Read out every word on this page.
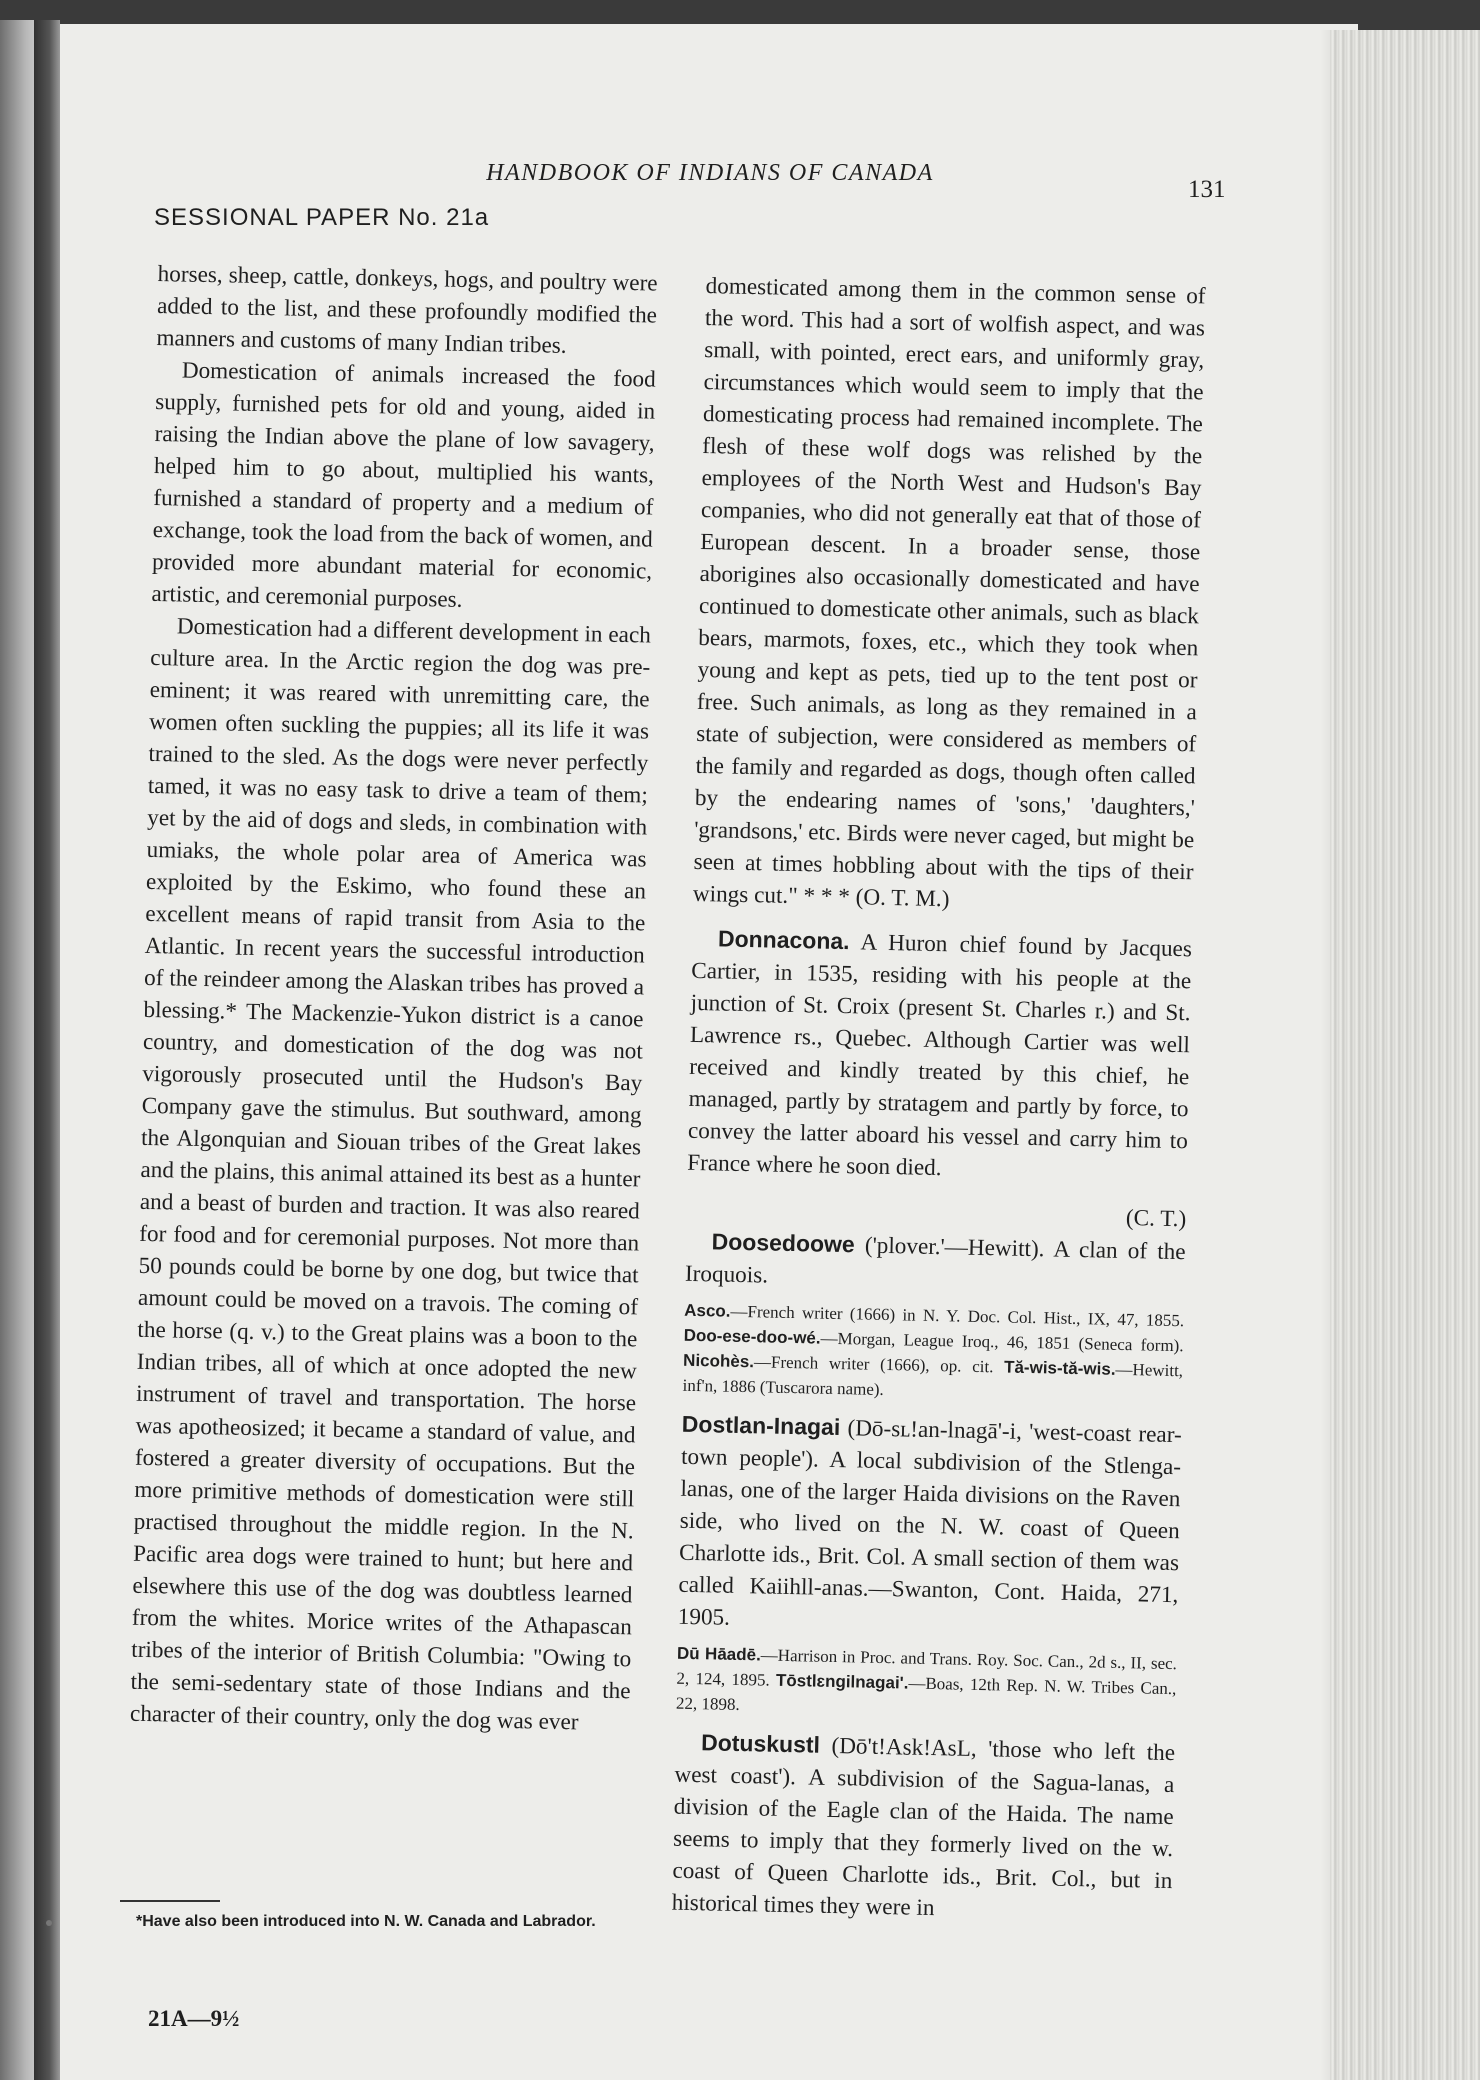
HANDBOOK OF INDIANS OF CANADA
131
SESSIONAL PAPER No. 21a

horses, sheep, cattle, donkeys, hogs, and poultry were added to the list, and these profoundly modified the manners and customs of many Indian tribes.

Domestication of animals increased the food supply, furnished pets for old and young, aided in raising the Indian above the plane of low savagery, helped him to go about, multiplied his wants, furnished a standard of property and a medium of exchange, took the load from the back of women, and provided more abundant material for economic, artistic, and ceremonial purposes.

Domestication had a different development in each culture area. In the Arctic region the dog was pre-eminent; it was reared with unremitting care, the women often suckling the puppies; all its life it was trained to the sled. As the dogs were never perfectly tamed, it was no easy task to drive a team of them; yet by the aid of dogs and sleds, in combination with umiaks, the whole polar area of America was exploited by the Eskimo, who found these an excellent means of rapid transit from Asia to the Atlantic. In recent years the successful introduction of the reindeer among the Alaskan tribes has proved a blessing.* The Mackenzie-Yukon district is a canoe country, and domestication of the dog was not vigorously prosecuted until the Hudson's Bay Company gave the stimulus. But southward, among the Algonquian and Siouan tribes of the Great lakes and the plains, this animal attained its best as a hunter and a beast of burden and traction. It was also reared for food and for ceremonial purposes. Not more than 50 pounds could be borne by one dog, but twice that amount could be moved on a travois. The coming of the horse (q. v.) to the Great plains was a boon to the Indian tribes, all of which at once adopted the new instrument of travel and transportation. The horse was apotheosized; it became a standard of value, and fostered a greater diversity of occupations. But the more primitive methods of domestication were still practised throughout the middle region. In the N. Pacific area dogs were trained to hunt; but here and elsewhere this use of the dog was doubtless learned from the whites. Morice writes of the Athapascan tribes of the interior of British Columbia: "Owing to the semi-sedentary state of those Indians and the character of their country, only the dog was ever

domesticated among them in the common sense of the word. This had a sort of wolfish aspect, and was small, with pointed, erect ears, and uniformly gray, circumstances which would seem to imply that the domesticating process had remained incomplete. The flesh of these wolf dogs was relished by the employees of the North West and Hudson's Bay companies, who did not generally eat that of those of European descent. In a broader sense, those aborigines also occasionally domesticated and have continued to domesticate other animals, such as black bears, marmots, foxes, etc., which they took when young and kept as pets, tied up to the tent post or free. Such animals, as long as they remained in a state of subjection, were considered as members of the family and regarded as dogs, though often called by the endearing names of 'sons,' 'daughters,' 'grandsons,' etc. Birds were never caged, but might be seen at times hobbling about with the tips of their wings cut." * * * (O. T. M.)

Donnacona. A Huron chief found by Jacques Cartier, in 1535, residing with his people at the junction of St. Croix (present St. Charles r.) and St. Lawrence rs., Quebec. Although Cartier was well received and kindly treated by this chief, he managed, partly by stratagem and partly by force, to convey the latter aboard his vessel and carry him to France where he soon died.

(C. T.)

Doosedoowe ('plover.'—Hewitt). A clan of the Iroquois.

Asco.—French writer (1666) in N. Y. Doc. Col. Hist., IX, 47, 1855. Doo-ese-doo-wé.—Morgan, League Iroq., 46, 1851 (Seneca form). Nicohès.—French writer (1666), op. cit. Tă-wis-tă-wis.—Hewitt, inf'n, 1886 (Tuscarora name).

Dostlan-Inagai (Dō-sʟ!an-lnagā'-i, 'west-coast rear-town people'). A local subdivision of the Stlenga-lanas, one of the larger Haida divisions on the Raven side, who lived on the N. W. coast of Queen Charlotte ids., Brit. Col. A small section of them was called Kaiihll-anas.—Swanton, Cont. Haida, 271, 1905.

Dū Hāadē.—Harrison in Proc. and Trans. Roy. Soc. Can., 2d s., II, sec. 2, 124, 1895. Tōstlɛngilnagai'.—Boas, 12th Rep. N. W. Tribes Can., 22, 1898.

Dotuskustl (Dō't!Ask!AsL, 'those who left the west coast'). A subdivision of the Sagua-lanas, a division of the Eagle clan of the Haida. The name seems to imply that they formerly lived on the w. coast of Queen Charlotte ids., Brit. Col., but in historical times they were in

*Have also been introduced into N. W. Canada and Labrador.
21A—9½
